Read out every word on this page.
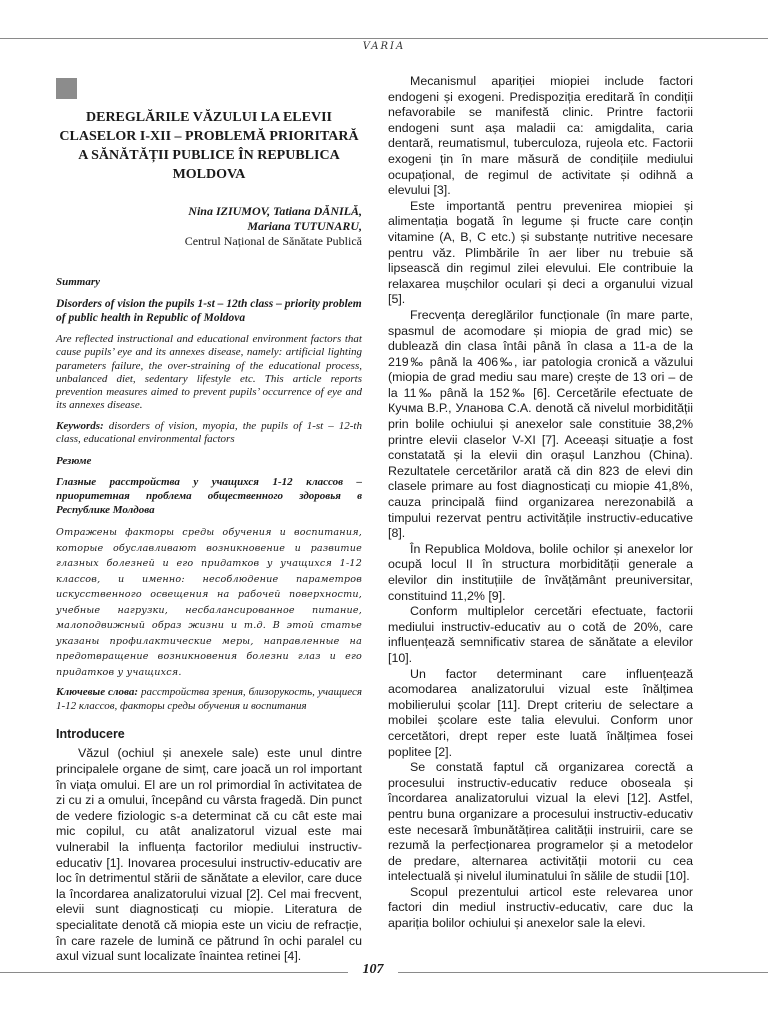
VARIA
DEREGLĂRILE VĂZULUI LA ELEVII CLASELOR I-XII – PROBLEMĂ PRIORITARĂ A SĂNĂTĂȚII PUBLICE ÎN REPUBLICA MOLDOVA
Nina IZIUMOV, Tatiana DĂNILĂ,
Mariana TUTUNARU,
Centrul Național de Sănătate Publică
Summary
Disorders of vision the pupils 1-st – 12th class – priority problem of public health in Republic of Moldova
Are reflected instructional and educational environment factors that cause pupils’ eye and its annexes disease, namely: artificial lighting parameters failure, the over-straining of the educational process, unbalanced diet, sedentary lifestyle etc. This article reports prevention measures aimed to prevent pupils’ occurrence of eye and its annexes disease.
Keywords: disorders of vision, myopia, the pupils of 1-st – 12-th class, educational environmental factors
Резюме
Глазные расстройства у учащихся 1-12 классов – приоритетная проблема общественного здоровья в Республике Молдова
Отражены факторы среды обучения и воспитания, которые обуславливают возникновение и развитие глазных болезней и его придатков у учащихся 1-12 классов, и именно: несоблюдение параметров искусственного освещения на рабочей поверхности, учебные нагрузки, несбалансированное питание, малоподвижный образ жизни и т.д. В этой статье указаны профилактические меры, направленные на предотвращение возникновения болезни глаз и его придатков у учащихся.
Ключевые слова: расстройства зрения, близорукость, учащиеся 1-12 классов, факторы среды обучения и воспитания
Introducere

Văzul (ochiul și anexele sale) este unul dintre principalele organe de simț, care joacă un rol important în viața omului. El are un rol primordial în activitatea de zi cu zi a omului, începând cu vârsta fragedă. Din punct de vedere fiziologic s-a determinat că cu cât este mai mic copilul, cu atât analizatorul vizual este mai vulnerabil la influența factorilor mediului instructiv-educativ [1]. Inovarea procesului instructiv-educativ are loc în detrimentul stării de sănătate a elevilor, care duce la încordarea analizatorului vizual [2]. Cel mai frecvent, elevii sunt diagnosticați cu miopie. Literatura de specialitate denotă că miopia este un viciu de refracție, în care razele de lumină ce pătrund în ochi paralel cu axul vizual sunt localizate înaintea retinei [4].

Mecanismul apariției miopiei include factori endogeni și exogeni. Predispoziția ereditară în condiții nefavorabile se manifestă clinic. Printre factorii endogeni sunt așa maladii ca: amigdalita, caria dentară, reumatismul, tuberculoza, rujeola etc. Factorii exogeni țin în mare măsură de condițiile mediului ocupațional, de regimul de activitate și odihnă a elevului [3].

Este importantă pentru prevenirea miopiei și alimentația bogată în legume și fructe care conțin vitamine (A, B, C etc.) și substanțe nutritive necesare pentru văz. Plimbările în aer liber nu trebuie să lipsească din regimul zilei elevului. Ele contribuie la relaxarea mușchilor oculari și deci a organului vizual [5].

Frecvența dereglărilor funcționale (în mare parte, spasmul de acomodare și miopia de grad mic) se dublează din clasa întâi până în clasa a 11-a de la 219‰ până la 406‰, iar patologia cronică a văzului (miopia de grad mediu sau mare) crește de 13 ori – de la 11‰ până la 152‰ [6]. Cercetările efectuate de Кучма В.Р., Уланова С.А. denotă că nivelul morbidității prin bolile ochiului și anexelor sale constituie 38,2% printre elevii claselor V-XI [7]. Aceeași situație a fost constatată și la elevii din orașul Lanzhou (China). Rezultatele cercetărilor arată că din 823 de elevi din clasele primare au fost diagnosticați cu miopie 41,8%, cauza principală fiind organizarea nerezonabilă a timpului rezervat pentru activitățile instructiv-educative [8].

În Republica Moldova, bolile ochilor și anexelor lor ocupă locul II în structura morbidității generale a elevilor din instituțiile de învățământ preuniversitar, constituind 11,2% [9].

Conform multiplelor cercetări efectuate, factorii mediului instructiv-educativ au o cotă de 20%, care influențează semnificativ starea de sănătate a elevilor [10].

Un factor determinant care influențează acomodarea analizatorului vizual este înălțimea mobilierului școlar [11]. Drept criteriu de selectare a mobilei școlare este talia elevului. Conform unor cercetători, drept reper este luată înălțimea fosei poplitee [2].

Se constată faptul că organizarea corectă a procesului instructiv-educativ reduce oboseala și încordarea analizatorului vizual la elevi [12]. Astfel, pentru buna organizare a procesului instructiv-educativ este necesară îmbunătățirea calității instruirii, care se rezumă la perfecționarea programelor și a metodelor de predare, alternarea activității motorii cu cea intelectuală și nivelul iluminatului în sălile de studii [10].

Scopul prezentului articol este relevarea unor factori din mediul instructiv-educativ, care duc la apariția bolilor ochiului și anexelor sale la elevi.

107
